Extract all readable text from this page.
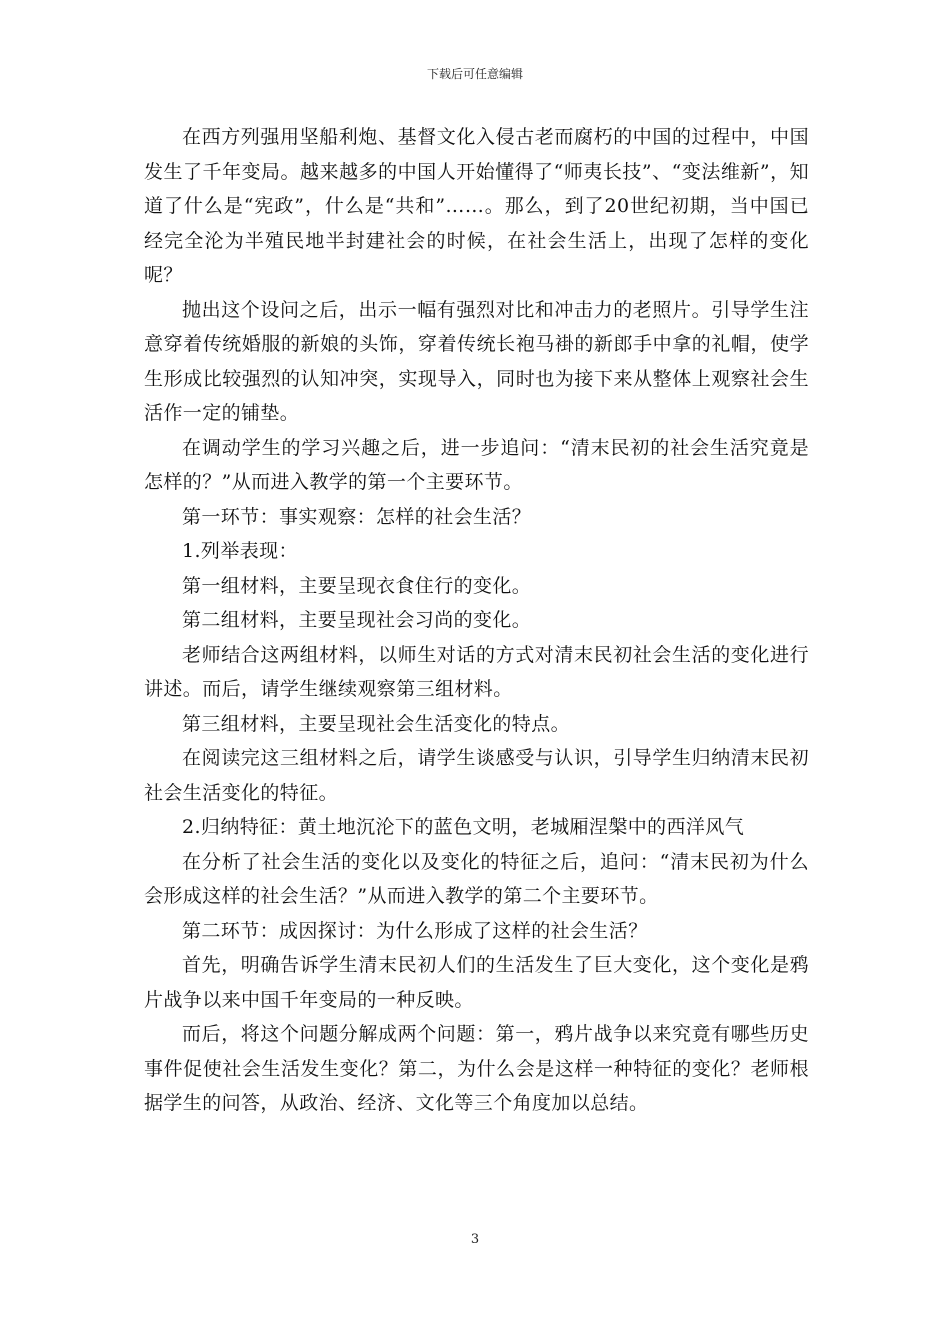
下载后可任意编辑

在西方列强用坚船利炮、基督文化入侵古老而腐朽的中国的过程中，中国发生了千年变局。越来越多的中国人开始懂得了“师夷长技”、“变法维新”，知道了什么是“宪政”，什么是“共和”……。那么，到了20世纪初期，当中国已经完全沦为半殖民地半封建社会的时候，在社会生活上，出现了怎样的变化呢？

抛出这个设问之后，出示一幅有强烈对比和冲击力的老照片。引导学生注意穿着传统婚服的新娘的头饰，穿着传统长袍马褂的新郎手中拿的礼帽，使学生形成比较强烈的认知冲突，实现导入，同时也为接下来从整体上观察社会生活作一定的铺垫。

在调动学生的学习兴趣之后，进一步追问：“清末民初的社会生活究竟是怎样的？”从而进入教学的第一个主要环节。

第一环节：事实观察：怎样的社会生活？

1.列举表现：

第一组材料，主要呈现衣食住行的变化。

第二组材料，主要呈现社会习尚的变化。

老师结合这两组材料，以师生对话的方式对清末民初社会生活的变化进行讲述。而后，请学生继续观察第三组材料。

第三组材料，主要呈现社会生活变化的特点。

在阅读完这三组材料之后，请学生谈感受与认识，引导学生归纳清末民初社会生活变化的特征。

2.归纳特征：黄土地沉沦下的蓝色文明，老城厢涅槃中的西洋风气

在分析了社会生活的变化以及变化的特征之后，追问：“清末民初为什么会形成这样的社会生活？”从而进入教学的第二个主要环节。

第二环节：成因探讨：为什么形成了这样的社会生活？

首先，明确告诉学生清末民初人们的生活发生了巨大变化，这个变化是鸦片战争以来中国千年变局的一种反映。

而后，将这个问题分解成两个问题：第一，鸦片战争以来究竟有哪些历史事件促使社会生活发生变化？第二，为什么会是这样一种特征的变化？老师根据学生的问答，从政治、经济、文化等三个角度加以总结。

3
